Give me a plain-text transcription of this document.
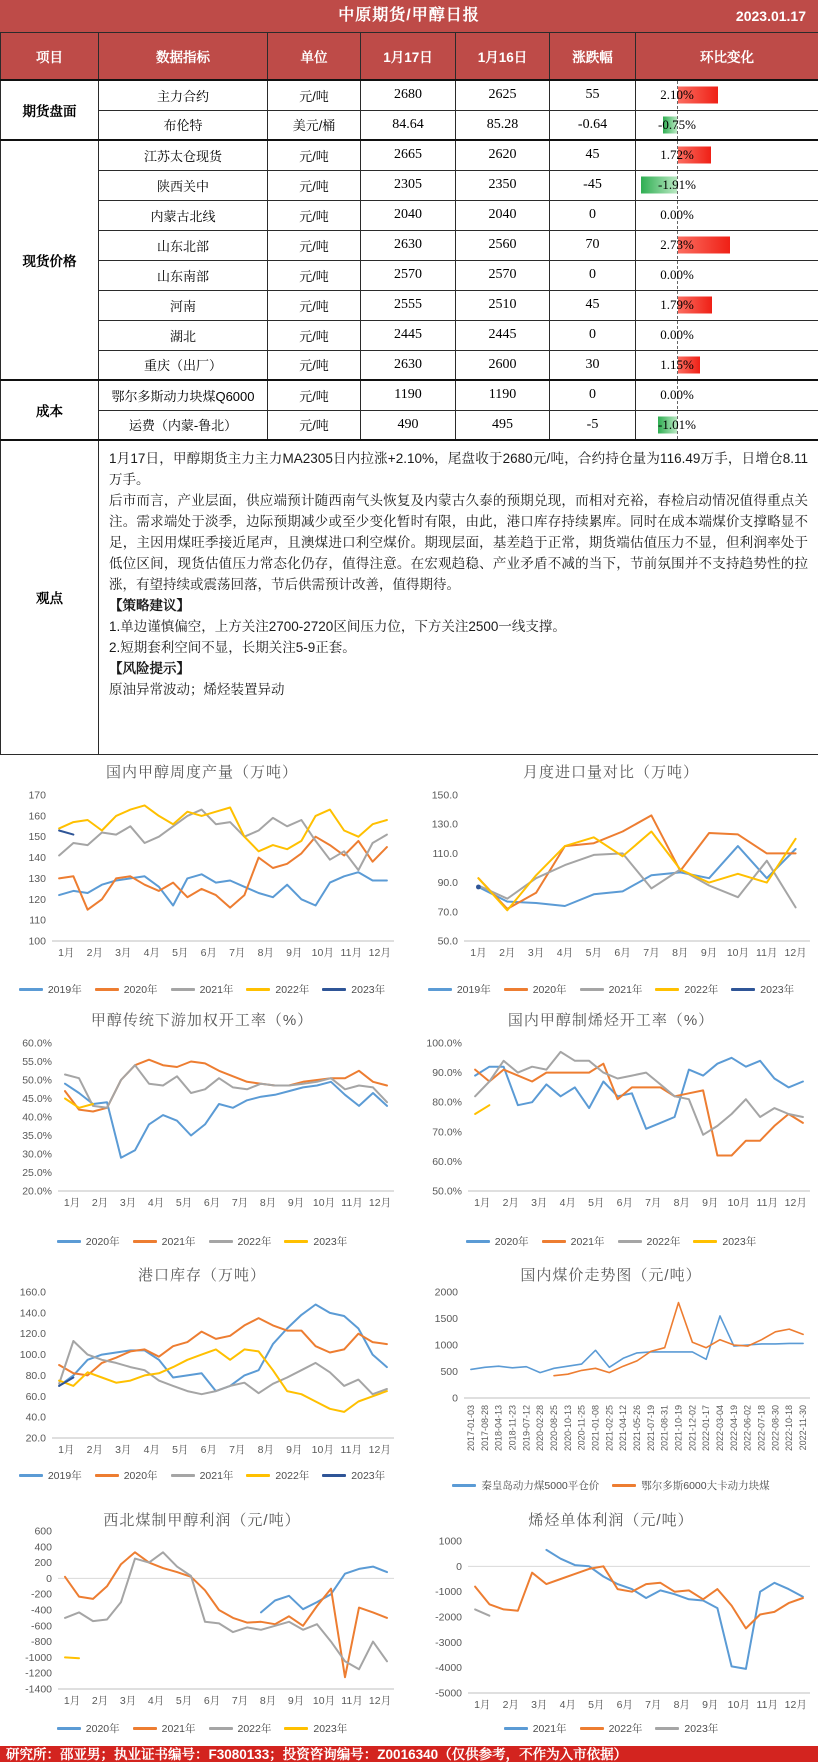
中原期货/甲醇日报	2023.01.17
项目	数据指标	单位	1月17日	1月16日	涨跌幅	环比变化
期货盘面	主力合约	元/吨	2680	2625	55	2.10%

	布伦特	美元/桶	84.64	85.28	-0.64	-0.75%

现货价格	江苏太仓现货	元/吨	2665	2620	45	1.72%

	陕西关中	元/吨	2305	2350	-45	-1.91%

	内蒙古北线	元/吨	2040	2040	0	0.00%

	山东北部	元/吨	2630	2560	70	2.73%

	山东南部	元/吨	2570	2570	0	0.00%

	河南	元/吨	2555	2510	45	1.79%

	湖北	元/吨	2445	2445	0	0.00%

	重庆（出厂）	元/吨	2630	2600	30	1.15%

成本	鄂尔多斯动力块煤Q6000	元/吨	1190	1190	0	0.00%

	运费（内蒙-鲁北）	元/吨	490	495	-5	-1.01%

观点	

1月17日，甲醇期货主力主力MA2305日内拉涨+2.10%，尾盘收于2680元/吨，合约持仓量为116.49万手，日增仓8.11万手。

后市而言，产业层面，供应端预计随西南气头恢复及内蒙古久泰的预期兑现，而相对充裕，春检启动情况值得重点关注。需求端处于淡季，边际预期减少或至少变化暂时有限，由此，港口库存持续累库。同时在成本端煤价支撑略显不足，主因用煤旺季接近尾声，且澳煤进口利空煤价。期现层面，基差趋于正常，期货端估值压力不显，但利润率处于低位区间，现货估值压力常态化仍存，值得注意。在宏观趋稳、产业矛盾不减的当下，节前氛围并不支持趋势性的拉涨，有望持续或震荡回落，节后供需预计改善，值得期待。

【策略建议】

1.单边谨慎偏空，上方关注2700-2720区间压力位，下方关注2500一线支撑。

2.短期套利空间不显，长期关注5-9正套。

【风险提示】

原油异常波动；烯烃装置异动

国内甲醇周度产量（万吨）
170
160
150
140
130
120
110
100
1月 2月 3月 4月 5月 6月 7月 8月 9月 10月 11月 12月
2019年	2020年	2021年	2022年	2023年
月度进口量对比（万吨）
150.0
130.0
110.0
90.0
70.0
50.0
1月 2月 3月 4月 5月 6月 7月 8月 9月 10月 11月 12月
2019年	2020年	2021年	2022年	2023年
甲醇传统下游加权开工率（%）
60.0%
55.0%
50.0%
45.0%
40.0%
35.0%
30.0%
25.0%
20.0%
1月 2月 3月 4月 5月 6月 7月 8月 9月 10月 11月 12月
2020年	2021年	2022年	2023年
国内甲醇制烯烃开工率（%）
100.0%
90.0%
80.0%
70.0%
60.0%
50.0%
1月 2月 3月 4月 5月 6月 7月 8月 9月 10月 11月 12月
2020年	2021年	2022年	2023年
港口库存（万吨）
160.0
140.0
120.0
100.0
80.0
60.0
40.0
20.0
1月 2月 3月 4月 5月 6月 7月 8月 9月 10月 11月 12月
2019年	2020年	2021年	2022年	2023年
国内煤价走势图（元/吨）
2000
1500
1000
500
0
2017-01-03 2017-08-28 2018-04-13 2018-11-23 2019-07-12 2020-02-28 2020-08-25 2020-10-13 2020-11-25 2021-01-08 2021-02-25 2021-04-12 2021-05-26 2021-07-19 2021-08-31 2021-10-19 2021-12-02 2022-01-17 2022-03-04 2022-04-19 2022-06-02 2022-07-18 2022-08-30 2022-10-18 2022-11-30
秦皇岛动力煤5000平仓价	鄂尔多斯6000大卡动力块煤
西北煤制甲醇利润（元/吨）
600
400
200
0
-200
-400
-600
-800
-1000
-1200
-1400
1月 2月 3月 4月 5月 6月 7月 8月 9月 10月 11月 12月
2020年	2021年	2022年	2023年
烯烃单体利润（元/吨）
1000
0
-1000
-2000
-3000
-4000
-5000
1月 2月 3月 4月 5月 6月 7月 8月 9月 10月 11月 12月
2021年	2022年	2023年
研究所：邵亚男；执业证书编号：F3080133；投资咨询编号：Z0016340（仅供参考，不作为入市依据）
